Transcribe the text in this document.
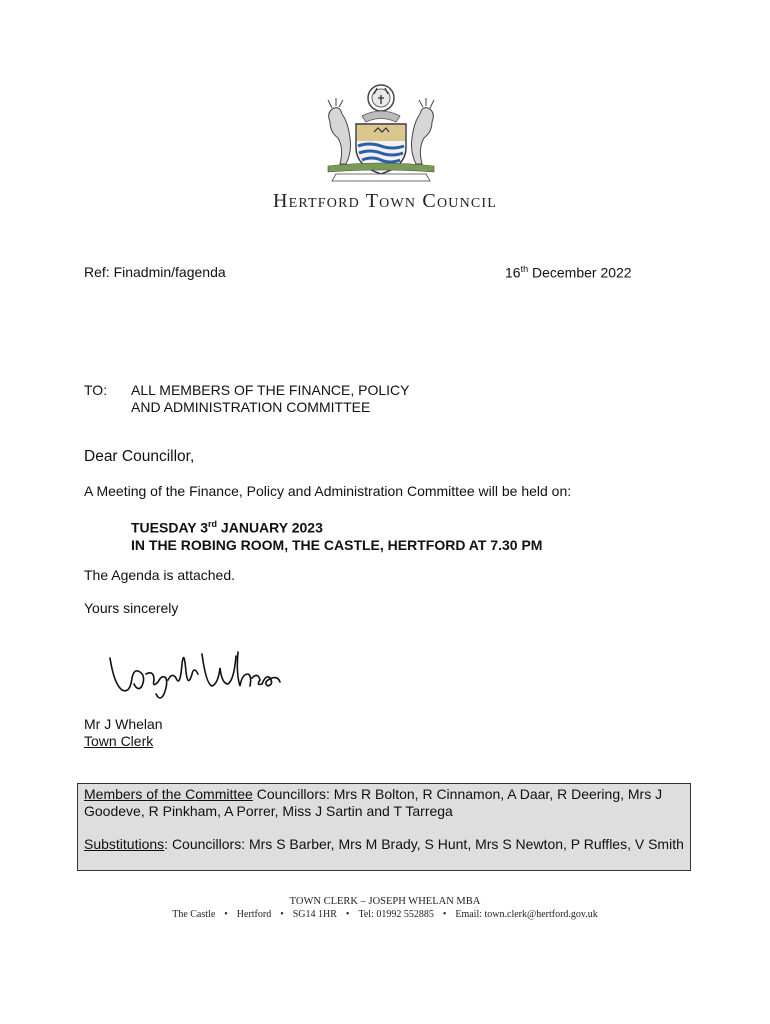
Hertford Town Council
Ref: Finadmin/fagenda	16th December 2022
TO: ALL MEMBERS OF THE FINANCE, POLICY
AND ADMINISTRATION COMMITTEE
Dear Councillor,
A Meeting of the Finance, Policy and Administration Committee will be held on:
TUESDAY 3rd JANUARY 2023
IN THE ROBING ROOM, THE CASTLE, HERTFORD AT 7.30 PM
The Agenda is attached.
Yours sincerely
Mr J Whelan
Town Clerk
Members of the Committee Councillors: Mrs R Bolton, R Cinnamon, A Daar, R Deering, Mrs J Goodeve, R Pinkham, A Porrer, Miss J Sartin and T Tarrega
Substitutions: Councillors: Mrs S Barber, Mrs M Brady, S Hunt, Mrs S Newton, P Ruffles, V Smith
TOWN CLERK – JOSEPH WHELAN MBA
The Castle • Hertford • SG14 1HR • Tel: 01992 552885 • Email: town.clerk@hertford.gov.uk
